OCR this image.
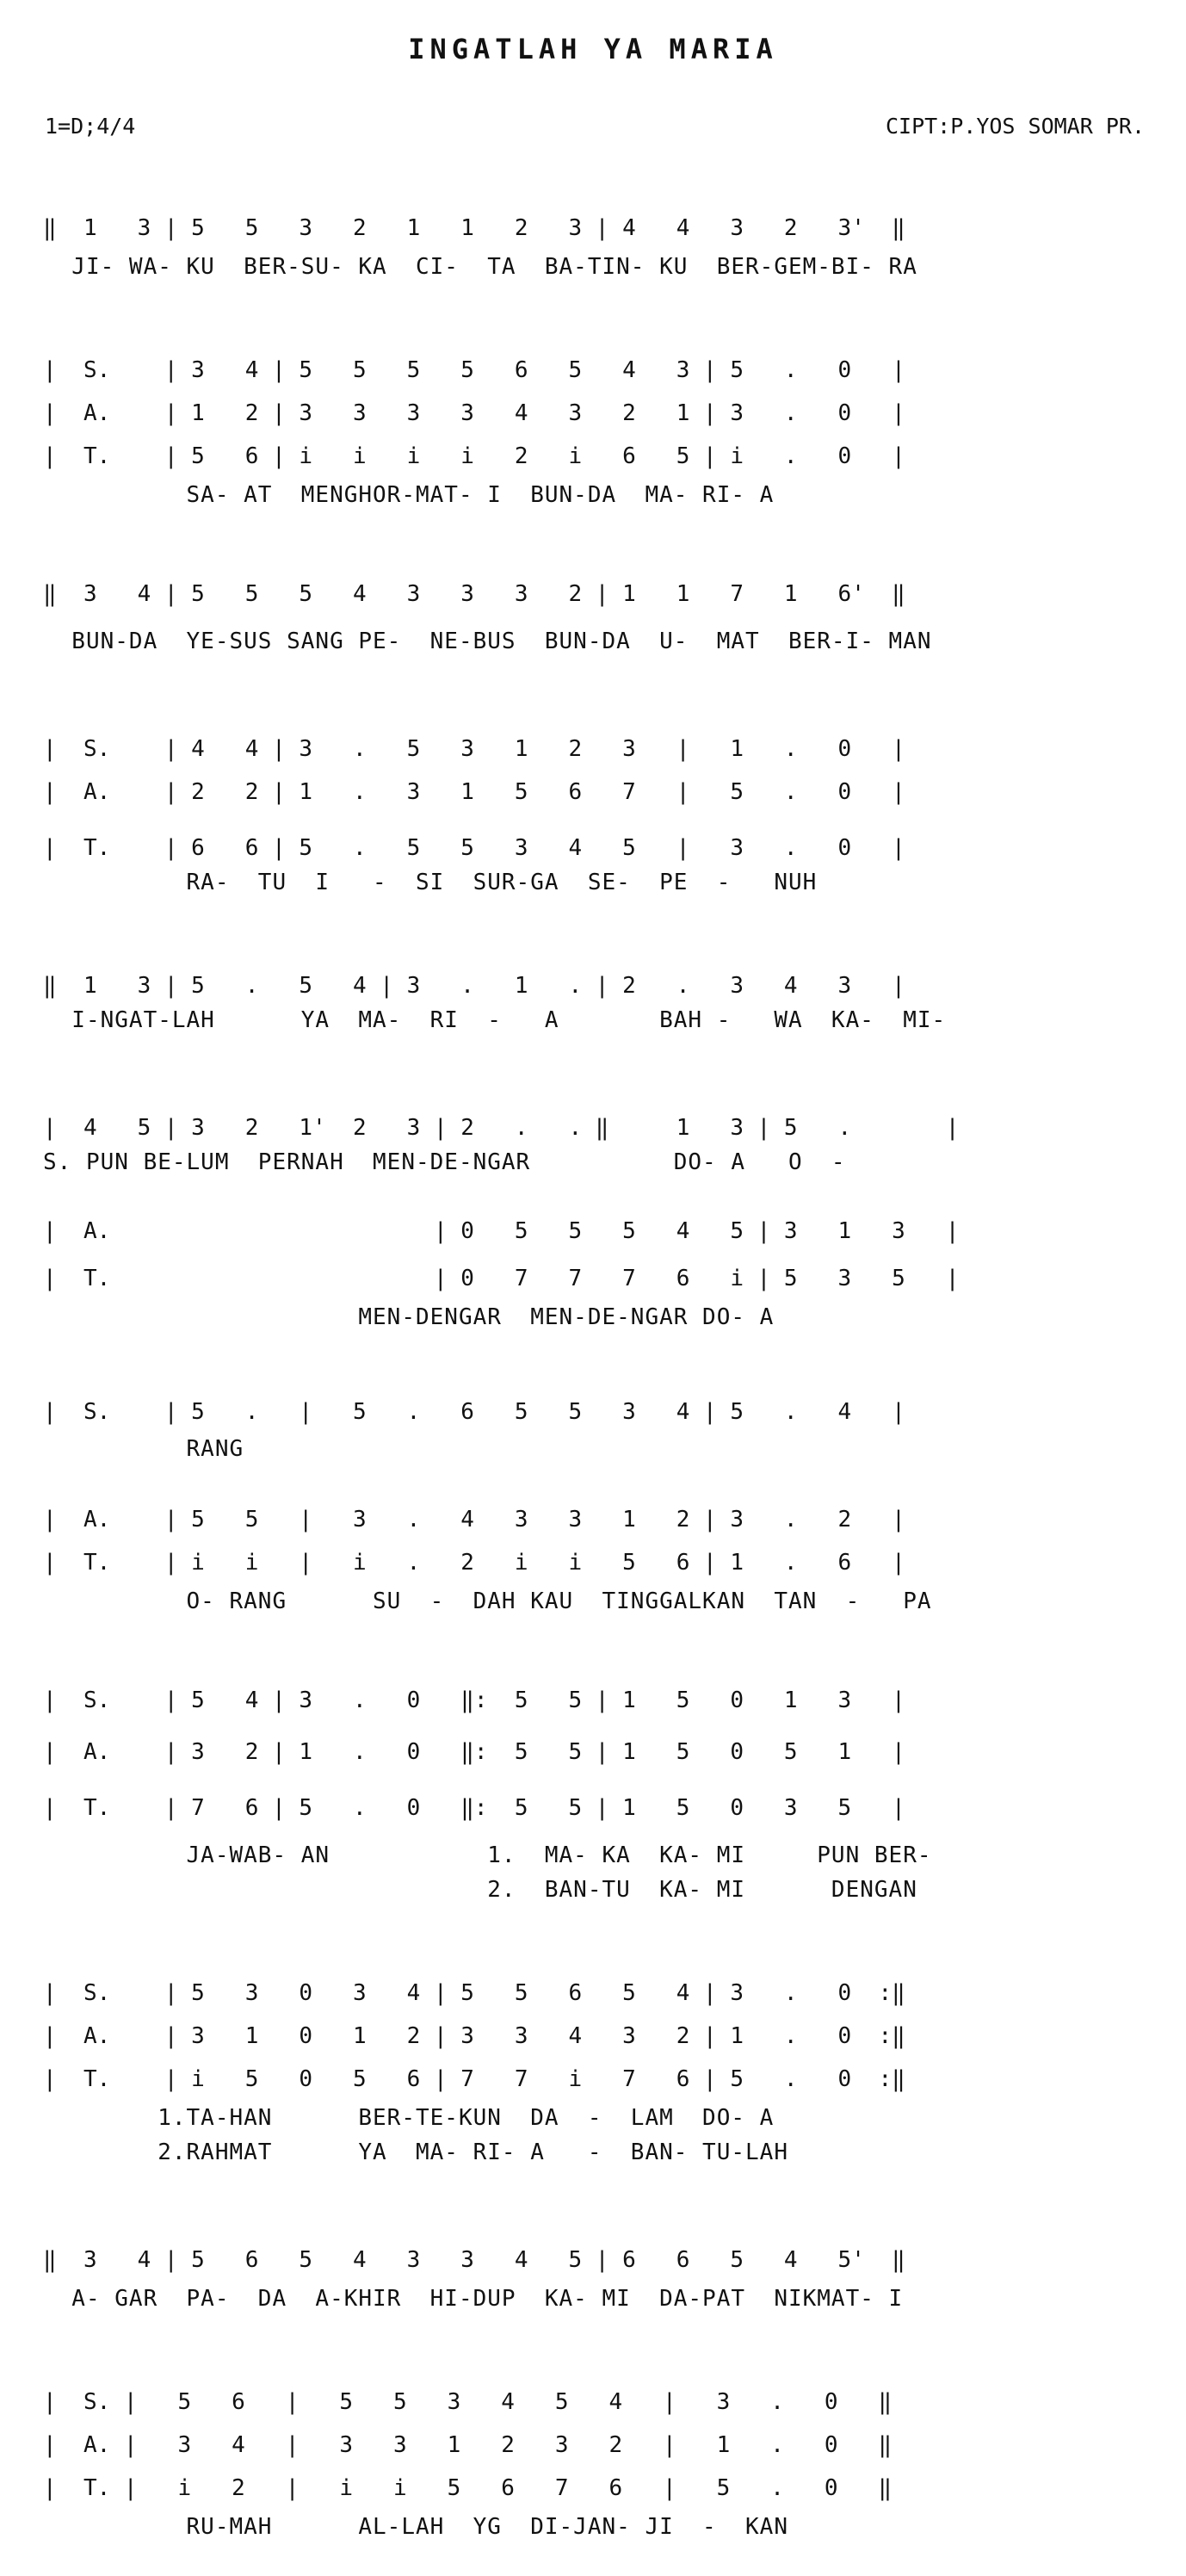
INGATLAH YA MARIA
1=D;4/4	CIPT:P.YOS SOMAR PR.
‖  1   3 | 5   5   3   2   1   1   2   3 | 4   4   3   2   3'  ‖
JI- WA- KU  BER-SU- KA  CI-  TA  BA-TIN- KU  BER-GEM-BI- RA
|  S.    | 3   4 | 5   5   5   5   6   5   4   3 | 5   .   0   |
|  A.    | 1   2 | 3   3   3   3   4   3   2   1 | 3   .   0   |
|  T.    | 5   6 | i   i   i   i   2   i   6   5 | i   .   0   |
SA- AT  MENGHOR-MAT- I  BUN-DA  MA- RI- A
‖  3   4 | 5   5   5   4   3   3   3   2 | 1   1   7   1   6'  ‖
BUN-DA  YE-SUS SANG PE-  NE-BUS  BUN-DA  U-  MAT  BER-I- MAN
|  S.    | 4   4 | 3   .   5   3   1   2   3   |   1   .   0   |
|  A.    | 2   2 | 1   .   3   1   5   6   7   |   5   .   0   |
|  T.    | 6   6 | 5   .   5   5   3   4   5   |   3   .   0   |
RA-  TU  I   -  SI  SUR-GA  SE-  PE  -   NUH
‖  1   3 | 5   .   5   4 | 3   .   1   . | 2   .   3   4   3   |
I-NGAT-LAH      YA  MA-  RI  -   A       BAH -   WA  KA-  MI-
|  4   5 | 3   2   1'  2   3 | 2   .   . ‖     1   3 | 5   .       |
S. PUN BE-LUM  PERNAH  MEN-DE-NGAR          DO- A   O  -
|  A.                        | 0   5   5   5   4   5 | 3   1   3   |
|  T.                        | 0   7   7   7   6   i | 5   3   5   |
MEN-DENGAR  MEN-DE-NGAR DO- A
|  S.    | 5   .   |   5   .   6   5   5   3   4 | 5   .   4   |
RANG
|  A.    | 5   5   |   3   .   4   3   3   1   2 | 3   .   2   |
|  T.    | i   i   |   i   .   2   i   i   5   6 | 1   .   6   |
O- RANG      SU  -  DAH KAU  TINGGALKAN  TAN  -   PA
|  S.    | 5   4 | 3   .   0   ‖:  5   5 | 1   5   0   1   3   |
|  A.    | 3   2 | 1   .   0   ‖:  5   5 | 1   5   0   5   1   |
|  T.    | 7   6 | 5   .   0   ‖:  5   5 | 1   5   0   3   5   |
JA-WAB- AN           1.  MA- KA  KA- MI     PUN BER-
2.  BAN-TU  KA- MI      DENGAN
|  S.    | 5   3   0   3   4 | 5   5   6   5   4 | 3   .   0  :‖
|  A.    | 3   1   0   1   2 | 3   3   4   3   2 | 1   .   0  :‖
|  T.    | i   5   0   5   6 | 7   7   i   7   6 | 5   .   0  :‖
1.TA-HAN      BER-TE-KUN  DA  -  LAM  DO- A
2.RAHMAT      YA  MA- RI- A   -  BAN- TU-LAH
‖  3   4 | 5   6   5   4   3   3   4   5 | 6   6   5   4   5'  ‖
A- GAR  PA-  DA  A-KHIR  HI-DUP  KA- MI  DA-PAT  NIKMAT- I
|  S. |   5   6   |   5   5   3   4   5   4   |   3   .   0   ‖
|  A. |   3   4   |   3   3   1   2   3   2   |   1   .   0   ‖
|  T. |   i   2   |   i   i   5   6   7   6   |   5   .   0   ‖
RU-MAH      AL-LAH  YG  DI-JAN- JI  -  KAN
